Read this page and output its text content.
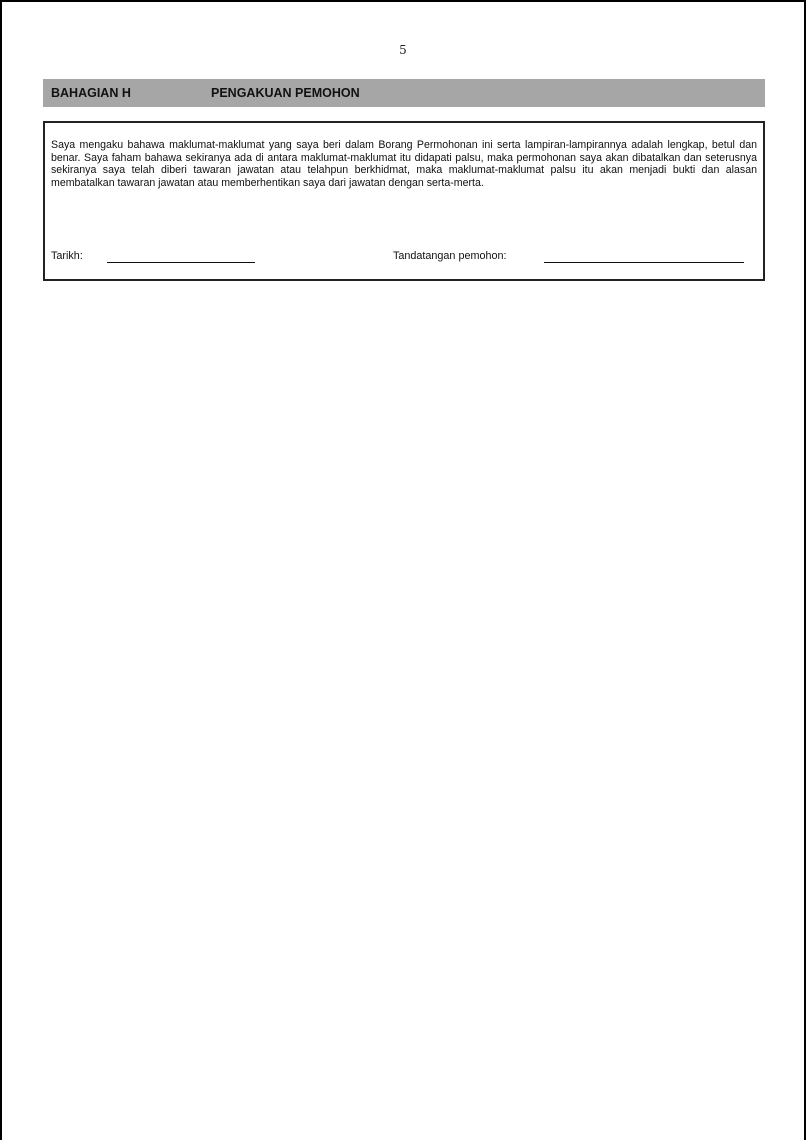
5
BAHAGIAN H	PENGAKUAN PEMOHON

Saya mengaku bahawa maklumat-maklumat yang saya beri dalam Borang Permohonan ini serta lampiran-lampirannya adalah lengkap, betul dan benar. Saya faham bahawa sekiranya ada di antara maklumat-maklumat itu didapati palsu, maka permohonan saya akan dibatalkan dan seterusnya sekiranya saya telah diberi tawaran jawatan atau telahpun berkhidmat, maka maklumat-maklumat palsu itu akan menjadi bukti dan alasan membatalkan tawaran jawatan atau memberhentikan saya dari jawatan dengan serta-merta.

Tarikh:	Tandatangan pemohon:
